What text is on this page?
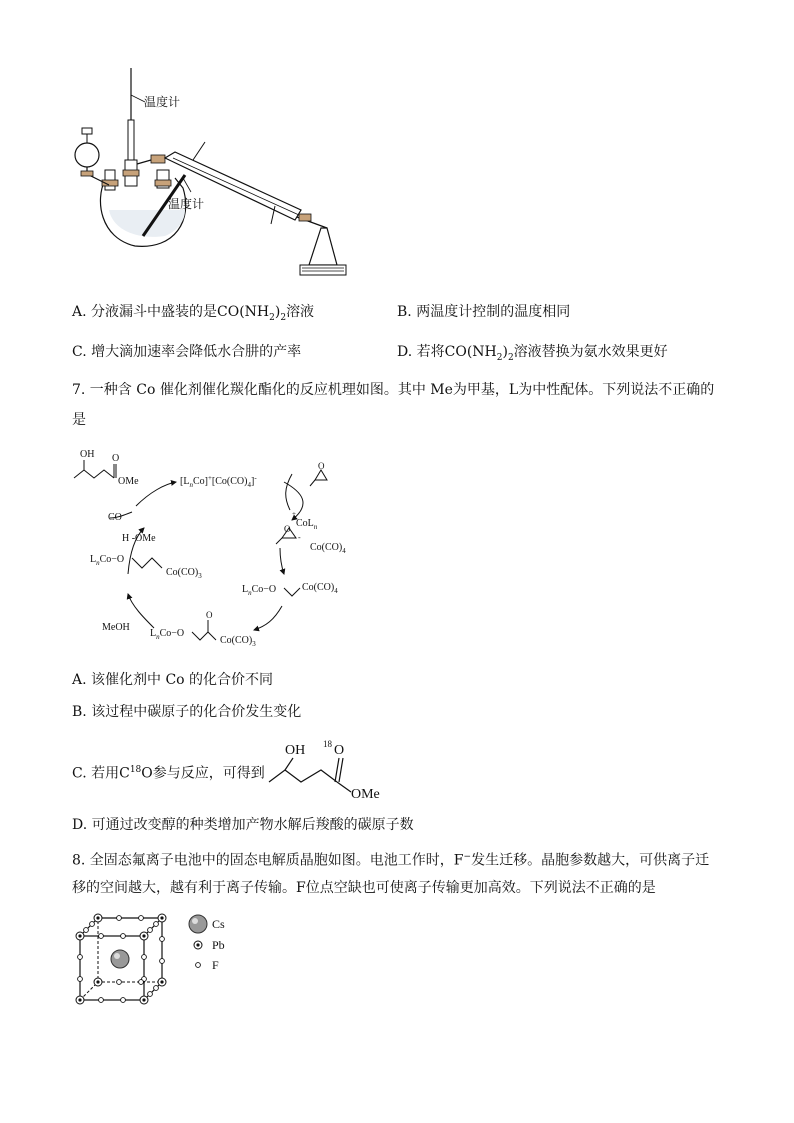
温度计
温度计
A. 分液漏斗中盛装的是$CO(NH_2)_2$溶液	B. 两温度计控制的温度相同
C. 增大滴加速率会降低水合肼的产率	D. 若将$CO(NH_2)_2$溶液替换为氨水效果更好
7. 一种含 Co 催化剂催化羰化酯化的反应机理如图。其中 Me为甲基，L为中性配体。下列说法不正确的
是
OH O
OMe	$[L_nCo]^+[Co(CO)_4]^-$
O
CO
H -OMe
$L_nCo-O$
$Co(CO)_3$
+
CoL$_n$
O
-
$Co(CO)_4$
$L_nCo-O$	$Co(CO)_4$
MeOH
$L_nCo-O$
O
$Co(CO)_3$
A. 该催化剂中 Co 的化合价不同
B. 该过程中碳原子的化合价发生变化
C. 若用$C^{18}O$参与反应，可得到
OH 18 O
OMe
D. 可通过改变醇的种类增加产物水解后羧酸的碳原子数
8. 全固态氟离子电池中的固态电解质晶胞如图。电池工作时，F−发生迁移。晶胞参数越大，可供离子迁
移的空间越大，越有利于离子传输。F位点空缺也可使离子传输更加高效。下列说法不正确的是
Cs
Pb
F
